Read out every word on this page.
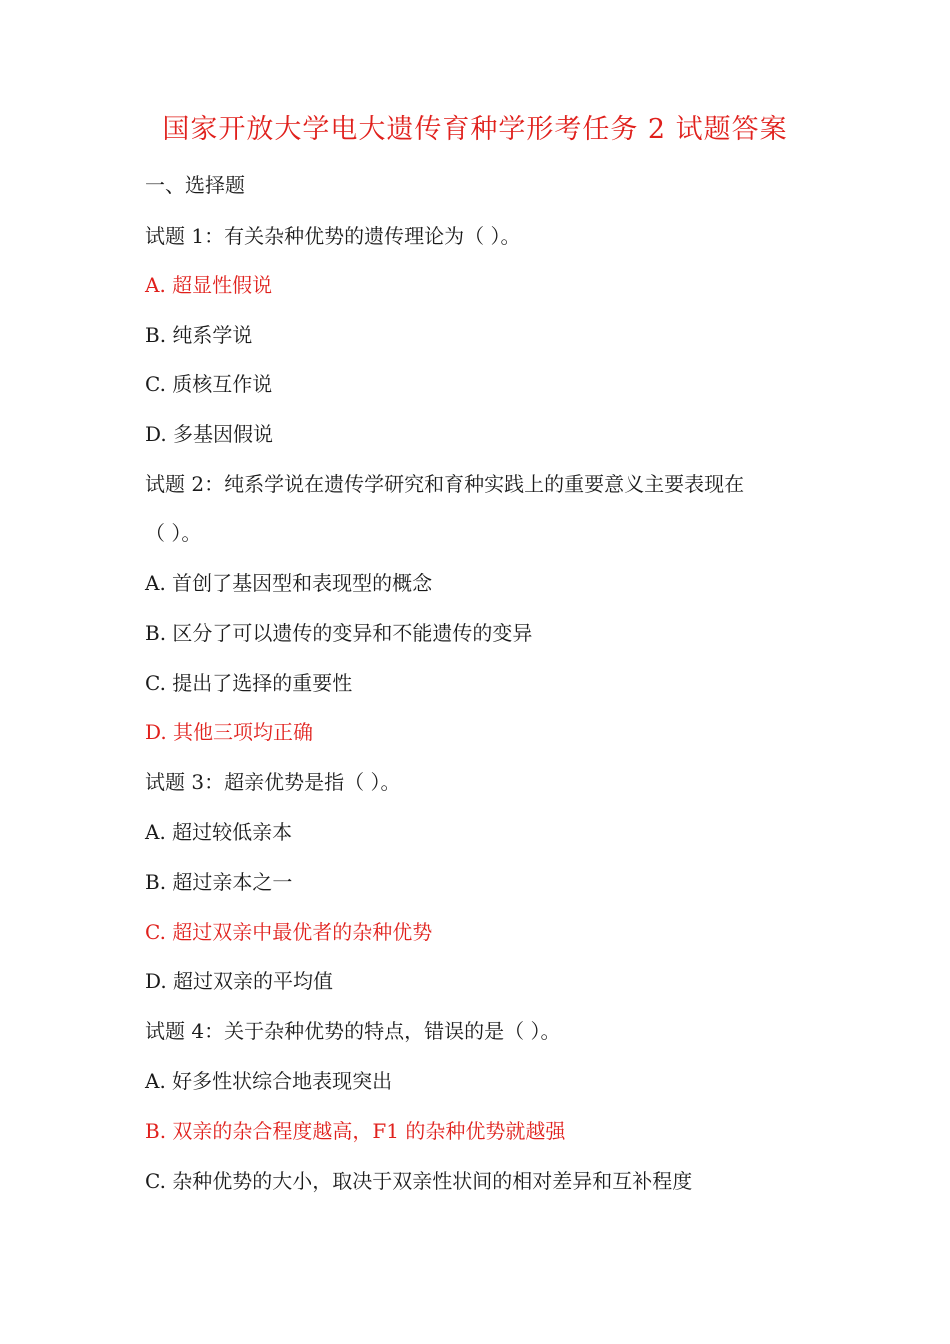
国家开放大学电大遗传育种学形考任务 2 试题答案
一、选择题
试题 1：有关杂种优势的遗传理论为（ ）。
A. 超显性假说
B. 纯系学说
C. 质核互作说
D. 多基因假说
试题 2：纯系学说在遗传学研究和育种实践上的重要意义主要表现在
（ ）。
A. 首创了基因型和表现型的概念
B. 区分了可以遗传的变异和不能遗传的变异
C. 提出了选择的重要性
D. 其他三项均正确
试题 3：超亲优势是指（ ）。
A. 超过较低亲本
B. 超过亲本之一
C. 超过双亲中最优者的杂种优势
D. 超过双亲的平均值
试题 4：关于杂种优势的特点，错误的是（ ）。
A. 好多性状综合地表现突出
B. 双亲的杂合程度越高，F1 的杂种优势就越强
C. 杂种优势的大小，取决于双亲性状间的相对差异和互补程度
